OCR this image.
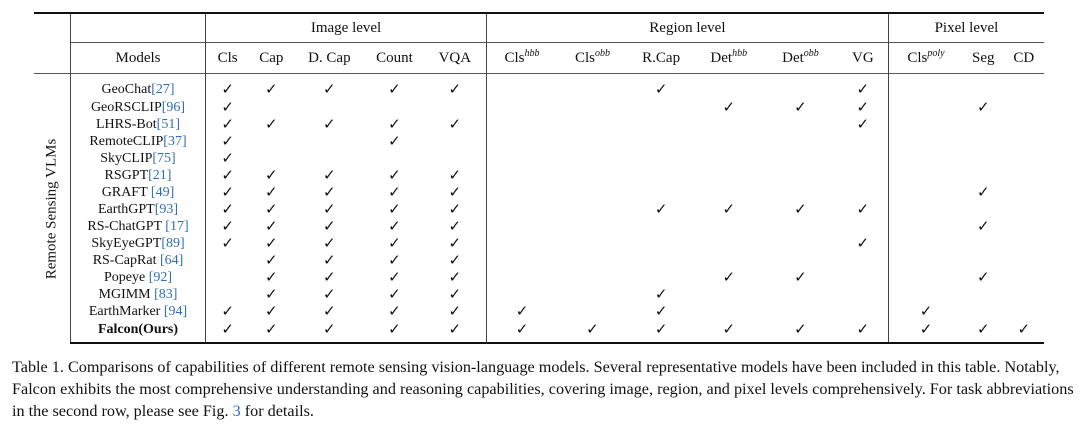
		Image level					Region level						Pixel level		
	Models	Cls	Cap	D. Cap	Count	VQA	Cls$^{hbb}$	Cls$^{obb}$	R.Cap	Det$^{hbb}$	Det$^{obb}$	VG	Cls$^{poly}$	Seg	CD

Remote Sensing VLMs	GeoChat[27]	✓	✓	✓	✓	✓			✓			✓			
	GeoRSCLIP[96]	✓								✓	✓	✓		✓	
	LHRS-Bot[51]	✓	✓	✓	✓	✓						✓			
	RemoteCLIP[37]	✓			✓										
	SkyCLIP[75]	✓													
	RSGPT[21]	✓	✓	✓	✓	✓									
	GRAFT [49]	✓	✓	✓	✓	✓								✓	
	EarthGPT[93]	✓	✓	✓	✓	✓			✓	✓	✓	✓			
	RS-ChatGPT [17]	✓	✓	✓	✓	✓								✓	
	SkyEyeGPT[89]	✓	✓	✓	✓	✓						✓			
	RS-CapRat [64]		✓	✓	✓	✓									
	Popeye [92]		✓	✓	✓	✓				✓	✓			✓	
	MGIMM [83]		✓	✓	✓	✓			✓						
	EarthMarker [94]	✓	✓	✓	✓	✓	✓		✓				✓		
	Falcon(Ours)	✓	✓	✓	✓	✓	✓	✓	✓	✓	✓	✓	✓	✓	✓
Table 1. Comparisons of capabilities of different remote sensing vision-language models. Several representative models have been included in this table. Notably, Falcon exhibits the most comprehensive understanding and reasoning capabilities, covering image, region, and pixel levels comprehensively. For task abbreviations in the second row, please see Fig. 3 for details.
